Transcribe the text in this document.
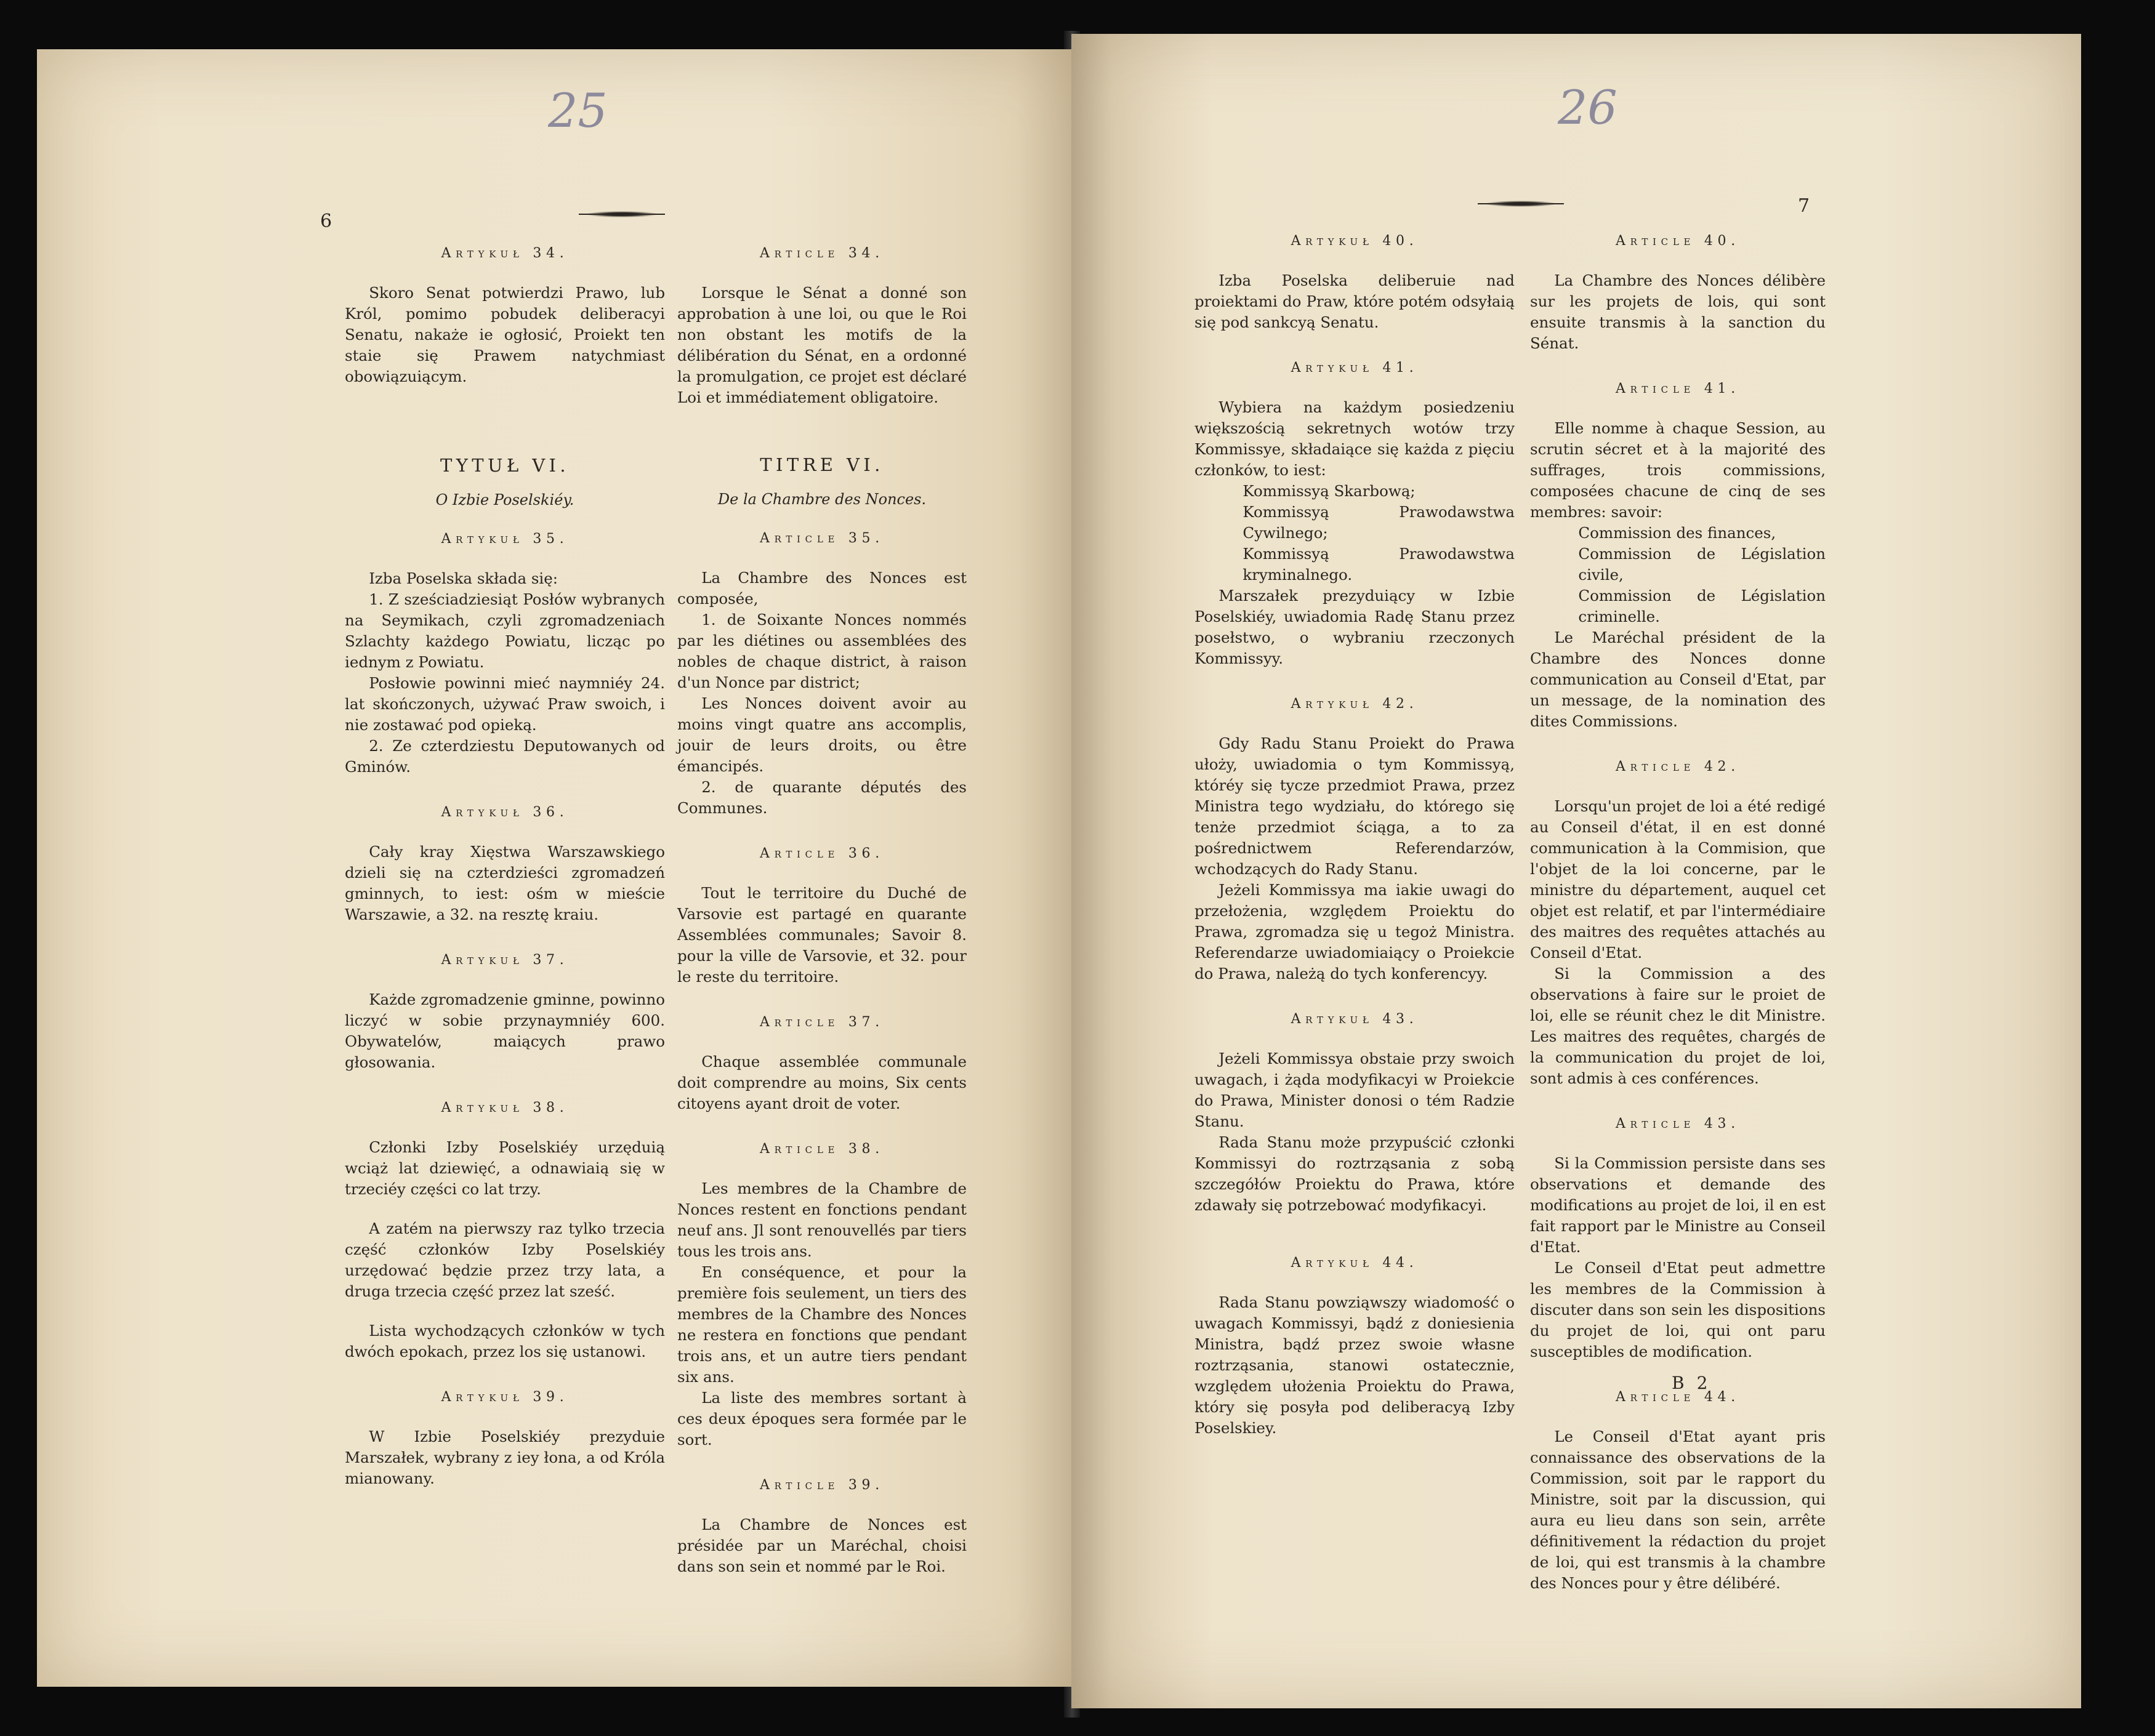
25
6
Artykuł 34.

Skoro Senat potwierdzi Prawo, lub Król, pomimo pobudek deliberacyi Senatu, nakaże ie ogłosić, Proiekt ten staie się Prawem natychmiast obowiązuiącym.

TYTUŁ VI.
O Izbie Poselskiéy.
Artykuł 35.

Izba Poselska składa się:

1. Z sześciadziesiąt Posłów wybranych na Seymikach, czyli zgromadzeniach Szlachty każdego Powiatu, licząc po iednym z Powiatu.

Posłowie powinni mieć naymniéy 24. lat skończonych, używać Praw swoich, i nie zostawać pod opieką.

2. Ze czterdziestu Deputowanych od Gminów.

Artykuł 36.

Cały kray Xięstwa Warszawskiego dzieli się na czterdzieści zgromadzeń gminnych, to iest: ośm w mieście Warszawie, a 32. na resztę kraiu.

Artykuł 37.

Każde zgromadzenie gminne, powinno liczyć w sobie przynaymniéy 600. Obywatelów, maiących prawo głosowania.

Artykuł 38.

Członki Izby Poselskiéy urzęduią wciąż lat dziewięć, a odnawiaią się w trzeciéy części co lat trzy.

A zatém na pierwszy raz tylko trzecia część członków Izby Poselskiéy urzędować będzie przez trzy lata, a druga trzecia część przez lat sześć.

Lista wychodzących członków w tych dwóch epokach, przez los się ustanowi.

Artykuł 39.

W Izbie Poselskiéy prezyduie Marszałek, wybrany z iey łona, a od Króla mianowany.

Article 34.

Lorsque le Sénat a donné son approbation à une loi, ou que le Roi non obstant les motifs de la délibération du Sénat, en a ordonné la promulgation, ce projet est déclaré Loi et immédiatement obligatoire.

TITRE VI.
De la Chambre des Nonces.
Article 35.

La Chambre des Nonces est composée,

1. de Soixante Nonces nommés par les diétines ou assemblées des nobles de chaque district, à raison d'un Nonce par district;

Les Nonces doivent avoir au moins vingt quatre ans accomplis, jouir de leurs droits, ou être émancipés.

2. de quarante députés des Communes.

Article 36.

Tout le territoire du Duché de Varsovie est partagé en quarante Assemblées communales; Savoir 8. pour la ville de Varsovie, et 32. pour le reste du territoire.

Article 37.

Chaque assemblée communale doit comprendre au moins, Six cents citoyens ayant droit de voter.

Article 38.

Les membres de la Chambre de Nonces restent en fonctions pendant neuf ans. Jl sont renouvellés par tiers tous les trois ans.

En conséquence, et pour la première fois seulement, un tiers des membres de la Chambre des Nonces ne restera en fonctions que pendant trois ans, et un autre tiers pendant six ans.

La liste des membres sortant à ces deux époques sera formée par le sort.

Article 39.

La Chambre de Nonces est présidée par un Maréchal, choisi dans son sein et nommé par le Roi.

26
7
Artykuł 40.

Izba Poselska deliberuie nad proiektami do Praw, które potém odsyłaią się pod sankcyą Senatu.

Artykuł 41.

Wybiera na każdym posiedzeniu większością sekretnych wotów trzy Kommissye, składaiące się każda z pięciu członków, to iest:

Kommissyą Skarbową;

Kommissyą Prawodawstwa Cywilnego;

Kommissyą Prawodawstwa kryminalnego.

Marszałek prezyduiący w Izbie Poselskiéy, uwiadomia Radę Stanu przez posełstwo, o wybraniu rzeczonych Kommissyy.

Artykuł 42.

Gdy Radu Stanu Proiekt do Prawa ułoży, uwiadomia o tym Kommissyą, któréy się tycze przedmiot Prawa, przez Ministra tego wydziału, do którego się tenże przedmiot ściąga, a to za pośrednictwem Referendarzów, wchodzących do Rady Stanu.

Jeżeli Kommissya ma iakie uwagi do przełożenia, względem Proiektu do Prawa, zgromadza się u tegoż Ministra. Referendarze uwiadomiaiący o Proiekcie do Prawa, należą do tych konferencyy.

Artykuł 43.

Jeżeli Kommissya obstaie przy swoich uwagach, i żąda modyfikacyi w Proiekcie do Prawa, Minister donosi o tém Radzie Stanu.

Rada Stanu może przypuścić członki Kommissyi do roztrząsania z sobą szczegółów Proiektu do Prawa, które zdawały się potrzebować modyfikacyi.

Artykuł 44.

Rada Stanu powziąwszy wiadomość o uwagach Kommissyi, bądź z doniesienia Ministra, bądź przez swoie własne roztrząsania, stanowi ostatecznie, względem ułożenia Proiektu do Prawa, który się posyła pod deliberacyą Izby Poselskiey.

Article 40.

La Chambre des Nonces délibère sur les projets de lois, qui sont ensuite transmis à la sanction du Sénat.

Article 41.

Elle nomme à chaque Session, au scrutin sécret et à la majorité des suffrages, trois commissions, composées chacune de cinq de ses membres: savoir:

Commission des finances,

Commission de Législation civile,

Commission de Législation criminelle.

Le Maréchal président de la Chambre des Nonces donne communication au Conseil d'Etat, par un message, de la nomination des dites Commissions.

Article 42.

Lorsqu'un projet de loi a été redigé au Conseil d'état, il en est donné communication à la Commision, que l'objet de la loi concerne, par le ministre du département, auquel cet objet est relatif, et par l'intermédiaire des maitres des requêtes attachés au Conseil d'Etat.

Si la Commission a des observations à faire sur le proiet de loi, elle se réunit chez le dit Ministre. Les maitres des requêtes, chargés de la communication du projet de loi, sont admis à ces conférences.

Article 43.

Si la Commission persiste dans ses observations et demande des modifications au projet de loi, il en est fait rapport par le Ministre au Conseil d'Etat.

Le Conseil d'Etat peut admettre les membres de la Commission à discuter dans son sein les dispositions du projet de loi, qui ont paru susceptibles de modification.

Article 44.

Le Conseil d'Etat ayant pris connaissance des observations de la Commission, soit par le rapport du Ministre, soit par la discussion, qui aura eu lieu dans son sein, arrête définitivement la rédaction du projet de loi, qui est transmis à la chambre des Nonces pour y être délibéré.

B 2
